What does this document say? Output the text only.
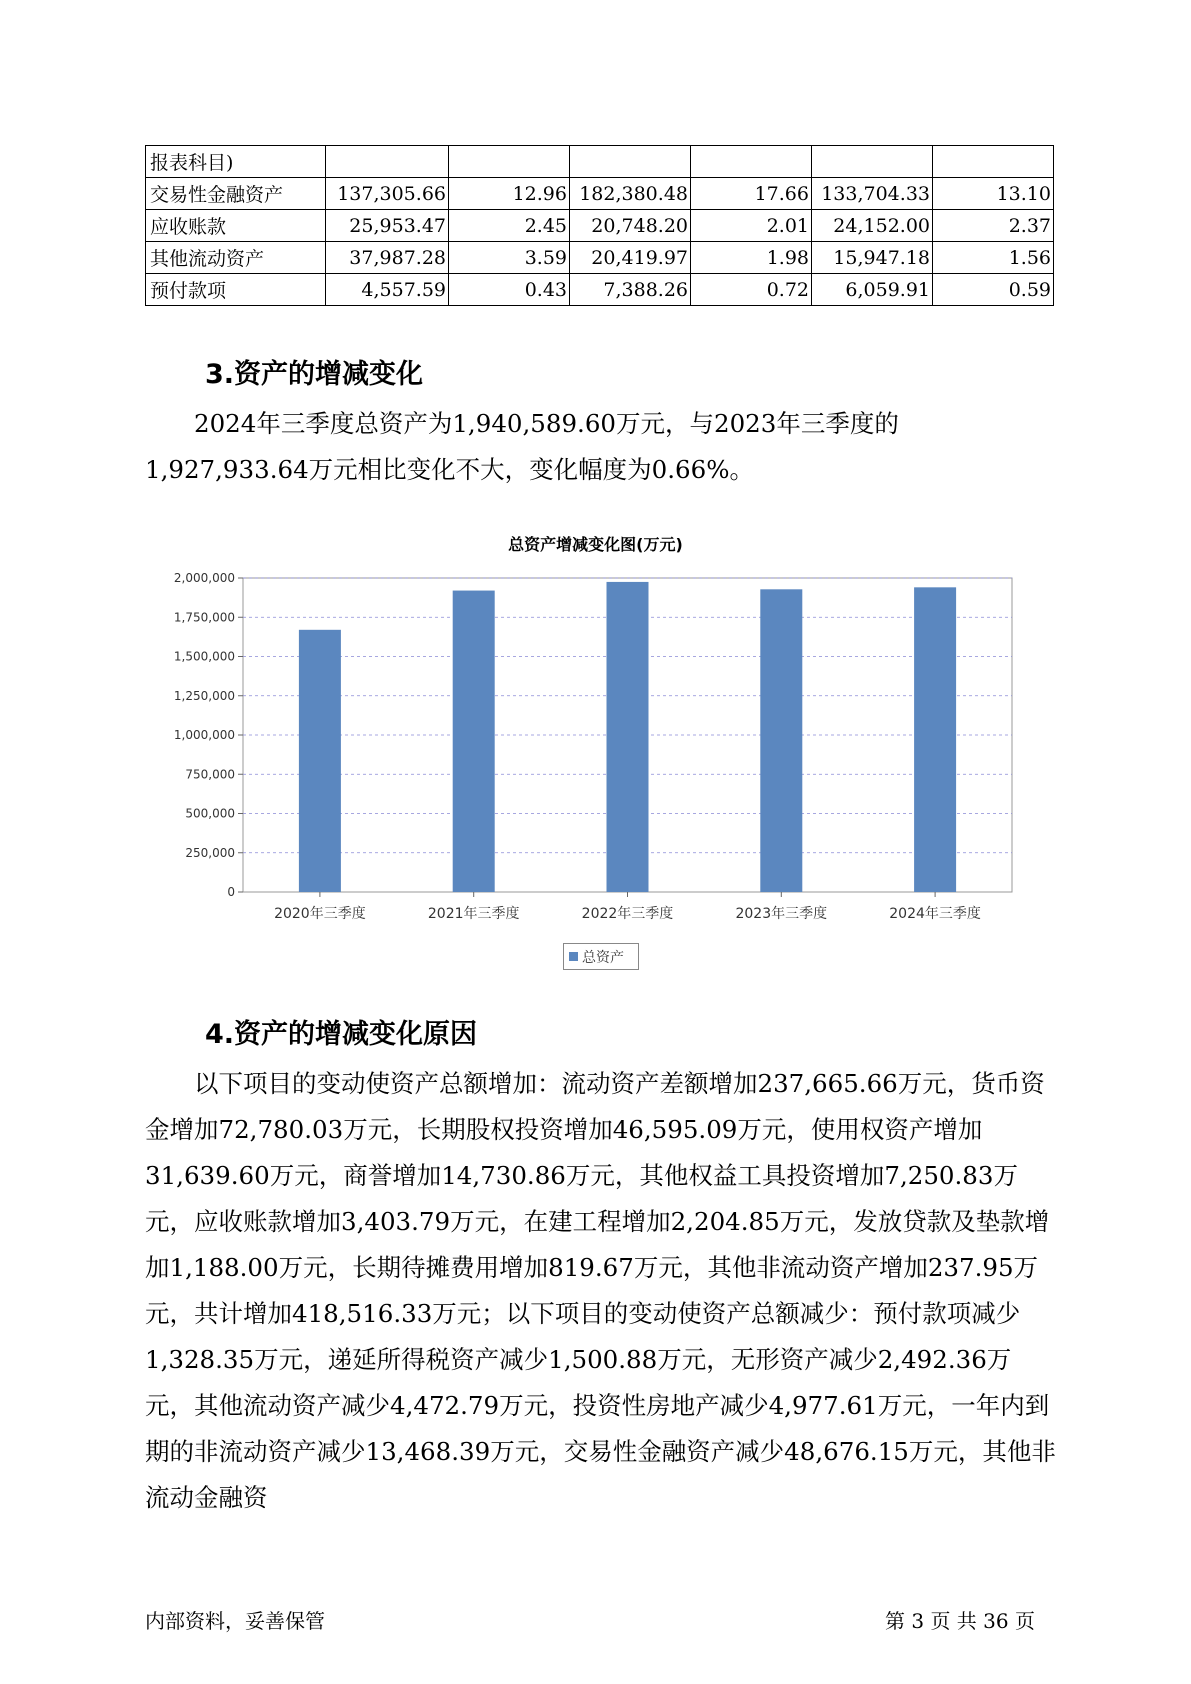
报表科目)						
交易性金融资产	137,305.66	12.96	182,380.48	17.66	133,704.33	13.10
应收账款	25,953.47	2.45	20,748.20	2.01	24,152.00	2.37
其他流动资产	37,987.28	3.59	20,419.97	1.98	15,947.18	1.56
预付款项	4,557.59	0.43	7,388.26	0.72	6,059.91	0.59
3.资产的增减变化

2024年三季度总资产为1,940,589.60万元，与2023年三季度的1,927,933.64万元相比变化不大，变化幅度为0.66%。

总资产增减变化图(万元)
0
250,000
500,000
750,000
1,000,000
1,250,000
1,500,000
1,750,000
2,000,000
2020年三季度	2021年三季度	2022年三季度	2023年三季度	2024年三季度
总资产
4.资产的增减变化原因

以下项目的变动使资产总额增加：流动资产差额增加237,665.66万元，货币资金增加72,780.03万元，长期股权投资增加46,595.09万元，使用权资产增加31,639.60万元，商誉增加14,730.86万元，其他权益工具投资增加7,250.83万元，应收账款增加3,403.79万元，在建工程增加2,204.85万元，发放贷款及垫款增加1,188.00万元，长期待摊费用增加819.67万元，其他非流动资产增加237.95万元，共计增加418,516.33万元；以下项目的变动使资产总额减少：预付款项减少1,328.35万元，递延所得税资产减少1,500.88万元，无形资产减少2,492.36万元，其他流动资产减少4,472.79万元，投资性房地产减少4,977.61万元，一年内到期的非流动资产减少13,468.39万元，交易性金融资产减少48,676.15万元，其他非流动金融资

内部资料，妥善保管	第 3 页 共 36 页
